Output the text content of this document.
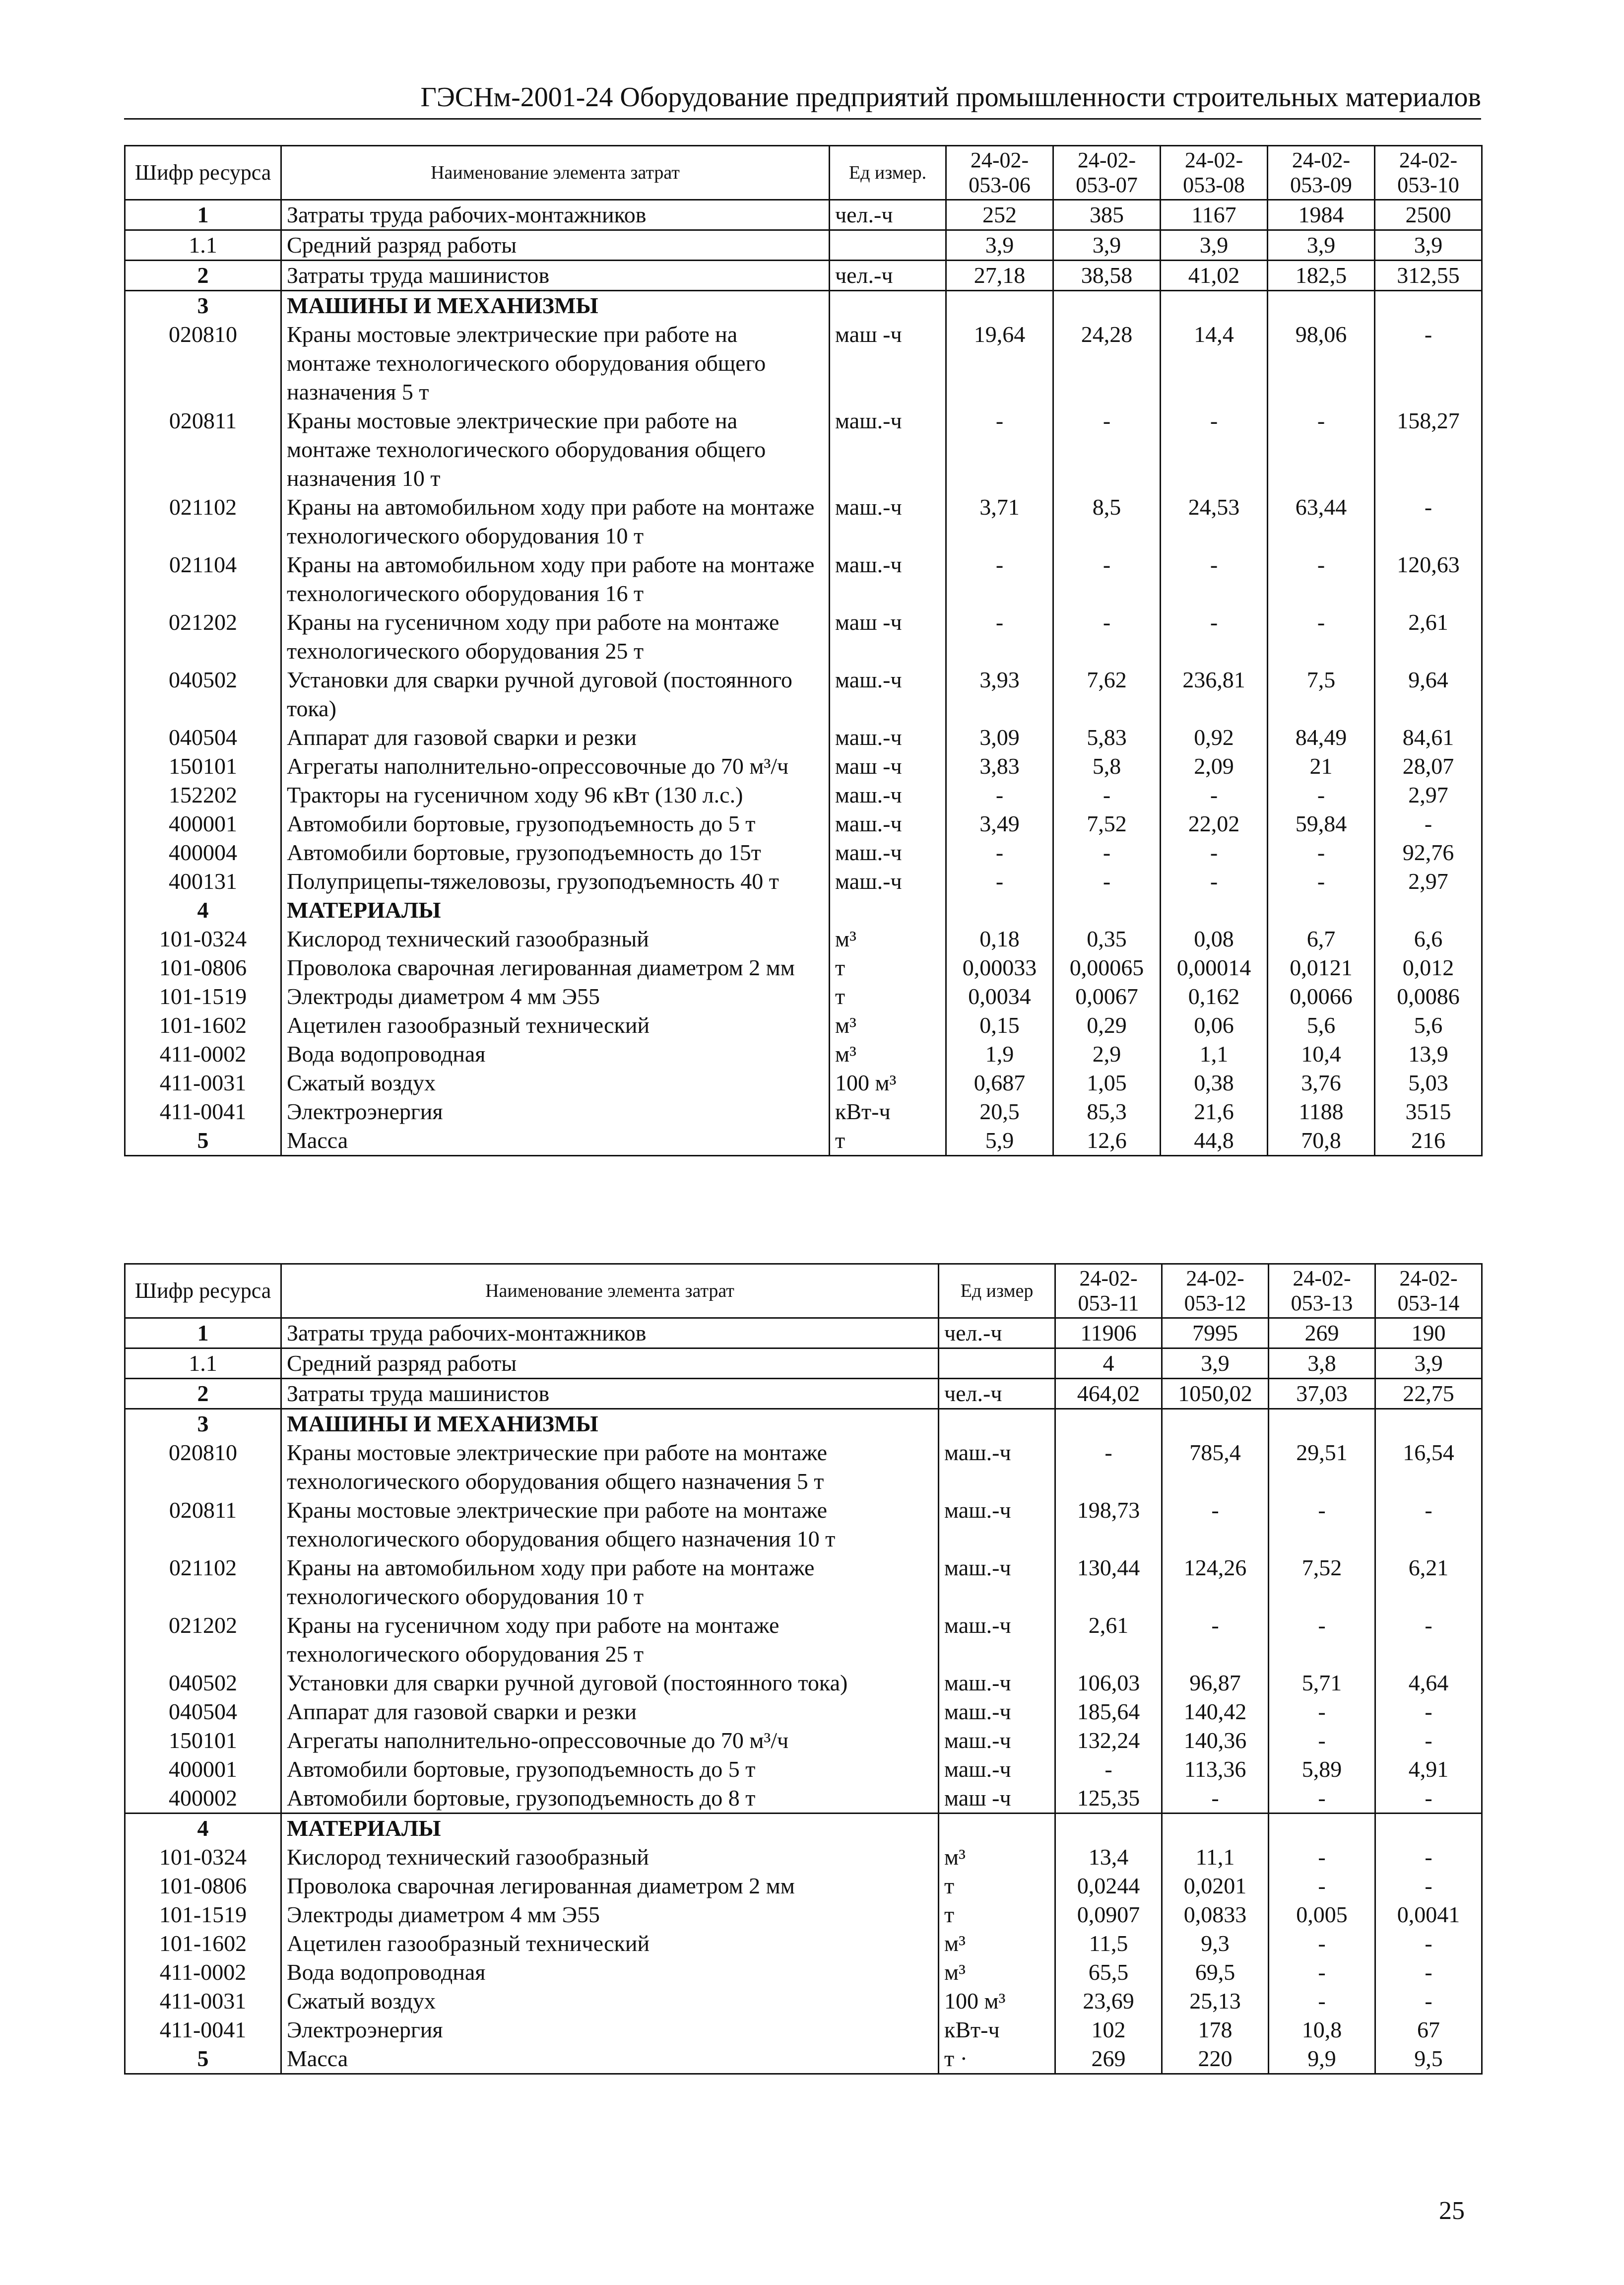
ГЭСНм-2001-24 Оборудование предприятий промышленности строительных материалов
Шифр ресурса	Наименование элемента затрат	Ед измер.	24-02-053-06	24-02-053-07	24-02-053-08	24-02-053-09	24-02-053-10
1	Затраты труда рабочих-монтажников	чел.-ч	252	385	1167	1984	2500
1.1	Средний разряд работы		3,9	3,9	3,9	3,9	3,9
2	Затраты труда машинистов	чел.-ч	27,18	38,58	41,02	182,5	312,55
3	МАШИНЫ И МЕХАНИЗМЫ						
020810	Краны мостовые электрические при работе на монтаже технологического оборудования общего назначения 5 т	маш -ч	19,64	24,28	14,4	98,06	-
020811	Краны мостовые электрические при работе на монтаже технологического оборудования общего назначения 10 т	маш.-ч	-	-	-	-	158,27
021102	Краны на автомобильном ходу при работе на монтаже технологического оборудования 10 т	маш.-ч	3,71	8,5	24,53	63,44	-
021104	Краны на автомобильном ходу при работе на монтаже технологического оборудования 16 т	маш.-ч	-	-	-	-	120,63
021202	Краны на гусеничном ходу при работе на монтаже технологического оборудования 25 т	маш -ч	-	-	-	-	2,61
040502	Установки для сварки ручной дуговой (постоянного тока)	маш.-ч	3,93	7,62	236,81	7,5	9,64
040504	Аппарат для газовой сварки и резки	маш.-ч	3,09	5,83	0,92	84,49	84,61
150101	Агрегаты наполнительно-опрессовочные до 70 м³/ч	маш -ч	3,83	5,8	2,09	21	28,07
152202	Тракторы на гусеничном ходу 96 кВт (130 л.с.)	маш.-ч	-	-	-	-	2,97
400001	Автомобили бортовые, грузоподъемность до 5 т	маш.-ч	3,49	7,52	22,02	59,84	-
400004	Автомобили бортовые, грузоподъемность до 15т	маш.-ч	-	-	-	-	92,76
400131	Полуприцепы-тяжеловозы, грузоподъемность 40 т	маш.-ч	-	-	-	-	2,97
4	МАТЕРИАЛЫ						
101-0324	Кислород технический газообразный	м³	0,18	0,35	0,08	6,7	6,6
101-0806	Проволока сварочная легированная диаметром 2 мм	т	0,00033	0,00065	0,00014	0,0121	0,012
101-1519	Электроды диаметром 4 мм Э55	т	0,0034	0,0067	0,162	0,0066	0,0086
101-1602	Ацетилен газообразный технический	м³	0,15	0,29	0,06	5,6	5,6
411-0002	Вода водопроводная	м³	1,9	2,9	1,1	10,4	13,9
411-0031	Сжатый воздух	100 м³	0,687	1,05	0,38	3,76	5,03
411-0041	Электроэнергия	кВт-ч	20,5	85,3	21,6	1188	3515
5	Масса	т	5,9	12,6	44,8	70,8	216
Шифр ресурса	Наименование элемента затрат	Ед измер	24-02-053-11	24-02-053-12	24-02-053-13	24-02-053-14
1	Затраты труда рабочих-монтажников	чел.-ч	11906	7995	269	190
1.1	Средний разряд работы		4	3,9	3,8	3,9
2	Затраты труда машинистов	чел.-ч	464,02	1050,02	37,03	22,75
3	МАШИНЫ И МЕХАНИЗМЫ					
020810	Краны мостовые электрические при работе на монтаже технологического оборудования общего назначения 5 т	маш.-ч	-	785,4	29,51	16,54
020811	Краны мостовые электрические при работе на монтаже технологического оборудования общего назначения 10 т	маш.-ч	198,73	-	-	-
021102	Краны на автомобильном ходу при работе на монтаже технологического оборудования 10 т	маш.-ч	130,44	124,26	7,52	6,21
021202	Краны на гусеничном ходу при работе на монтаже технологического оборудования 25 т	маш.-ч	2,61	-	-	-
040502	Установки для сварки ручной дуговой (постоянного тока)	маш.-ч	106,03	96,87	5,71	4,64
040504	Аппарат для газовой сварки и резки	маш.-ч	185,64	140,42	-	-
150101	Агрегаты наполнительно-опрессовочные до 70 м³/ч	маш.-ч	132,24	140,36	-	-
400001	Автомобили бортовые, грузоподъемность до 5 т	маш.-ч	-	113,36	5,89	4,91
400002	Автомобили бортовые, грузоподъемность до 8 т	маш -ч	125,35	-	-	-
4	МАТЕРИАЛЫ					
101-0324	Кислород технический газообразный	м³	13,4	11,1	-	-
101-0806	Проволока сварочная легированная диаметром 2 мм	т	0,0244	0,0201	-	-
101-1519	Электроды диаметром 4 мм Э55	т	0,0907	0,0833	0,005	0,0041
101-1602	Ацетилен газообразный технический	м³	11,5	9,3	-	-
411-0002	Вода водопроводная	м³	65,5	69,5	-	-
411-0031	Сжатый воздух	100 м³	23,69	25,13	-	-
411-0041	Электроэнергия	кВт-ч	102	178	10,8	67
5	Масса	т ·	269	220	9,9	9,5
25
